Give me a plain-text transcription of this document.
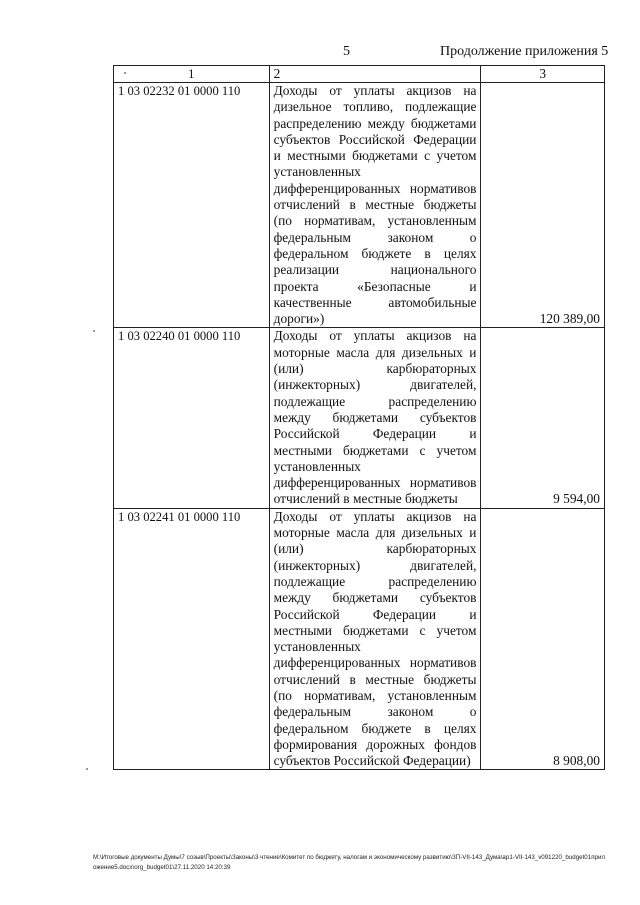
5	Продолжение приложения 5
1	2	3
1 03 02232 01 0000 110	Доходы от уплаты акцизов на дизельное топливо, подлежащие распределению между бюджетами субъектов Российской Федерации и местными бюджетами с учетом установленных дифференцированных нормативов отчислений в местные бюджеты (по нормативам, установленным федеральным законом о федеральном бюджете в целях реализации национального проекта «Безопасные и качественные автомобильные дороги»)	120 389,00
1 03 02240 01 0000 110	Доходы от уплаты акцизов на моторные масла для дизельных и (или) карбюраторных (инжекторных) двигателей, подлежащие распределению между бюджетами субъектов Российской Федерации и местными бюджетами с учетом установленных дифференцированных нормативов отчислений в местные бюджеты	9 594,00
1 03 02241 01 0000 110	Доходы от уплаты акцизов на моторные масла для дизельных и (или) карбюраторных (инжекторных) двигателей, подлежащие распределению между бюджетами субъектов Российской Федерации и местными бюджетами с учетом установленных дифференцированных нормативов отчислений в местные бюджеты (по нормативам, установленным федеральным законом о федеральном бюджете в целях формирования дорожных фондов субъектов Российской Федерации)	8 908,00
M:\Итоговые документы Думы\7 созыв\Проекты\Законы\3 чтение\Комитет по бюджету, налогам и экономическому развитию\ЗП-VII-143_Дума\ap1-VII-143_v091220_budget01приложение5.docx\org_budget01\27.11.2020 14:20:39
